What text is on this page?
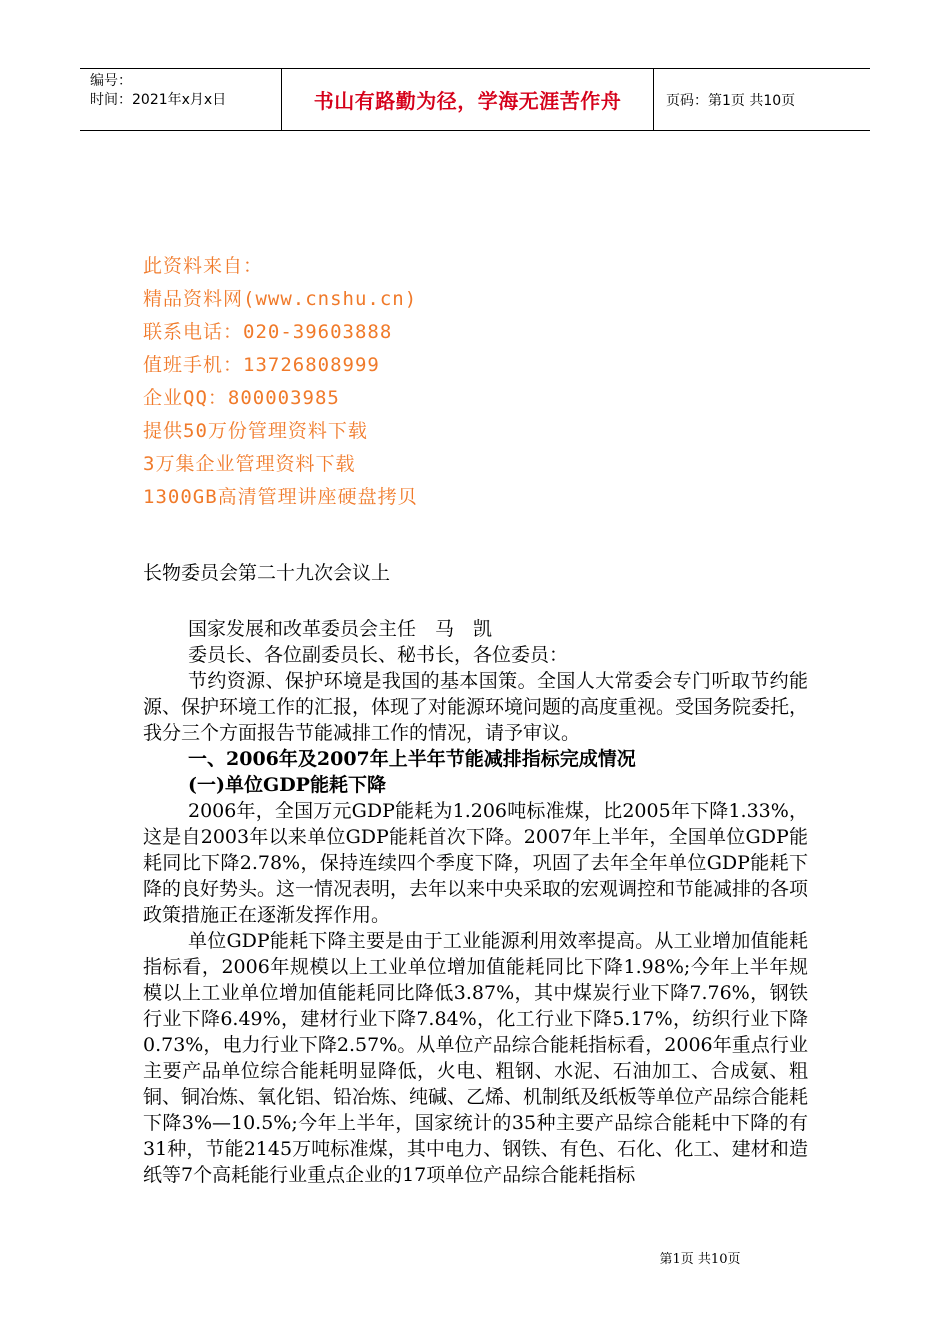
编号：
时间：2021年x月x日	书山有路勤为径，学海无涯苦作舟	页码：第1页 共10页
此资料来自：
精品资料网(www.cnshu.cn)
联系电话：020-39603888
值班手机：13726808999
企业QQ：800003985
提供50万份管理资料下载
3万集企业管理资料下载
1300GB高清管理讲座硬盘拷贝
长物委员会第二十九次会议上
国家发展和改革委员会主任　马　凯
委员长、各位副委员长、秘书长，各位委员：
节约资源、保护环境是我国的基本国策。全国人大常委会专门听取节约能源、保护环境工作的汇报，体现了对能源环境问题的高度重视。受国务院委托，我分三个方面报告节能减排工作的情况，请予审议。
一、2006年及2007年上半年节能减排指标完成情况
(一)单位GDP能耗下降
2006年，全国万元GDP能耗为1.206吨标准煤，比2005年下降1.33%，这是自2003年以来单位GDP能耗首次下降。2007年上半年，全国单位GDP能耗同比下降2.78%，保持连续四个季度下降，巩固了去年全年单位GDP能耗下降的良好势头。这一情况表明，去年以来中央采取的宏观调控和节能减排的各项政策措施正在逐渐发挥作用。
单位GDP能耗下降主要是由于工业能源利用效率提高。从工业增加值能耗指标看，2006年规模以上工业单位增加值能耗同比下降1.98%;今年上半年规模以上工业单位增加值能耗同比降低3.87%，其中煤炭行业下降7.76%，钢铁行业下降6.49%，建材行业下降7.84%，化工行业下降5.17%，纺织行业下降0.73%，电力行业下降2.57%。从单位产品综合能耗指标看，2006年重点行业主要产品单位综合能耗明显降低，火电、粗钢、水泥、石油加工、合成氨、粗铜、铜冶炼、氧化铝、铅冶炼、纯碱、乙烯、机制纸及纸板等单位产品综合能耗下降3%—10.5%;今年上半年，国家统计的35种主要产品综合能耗中下降的有31种，节能2145万吨标准煤，其中电力、钢铁、有色、石化、化工、建材和造纸等7个高耗能行业重点企业的17项单位产品综合能耗指标
第1页 共10页
